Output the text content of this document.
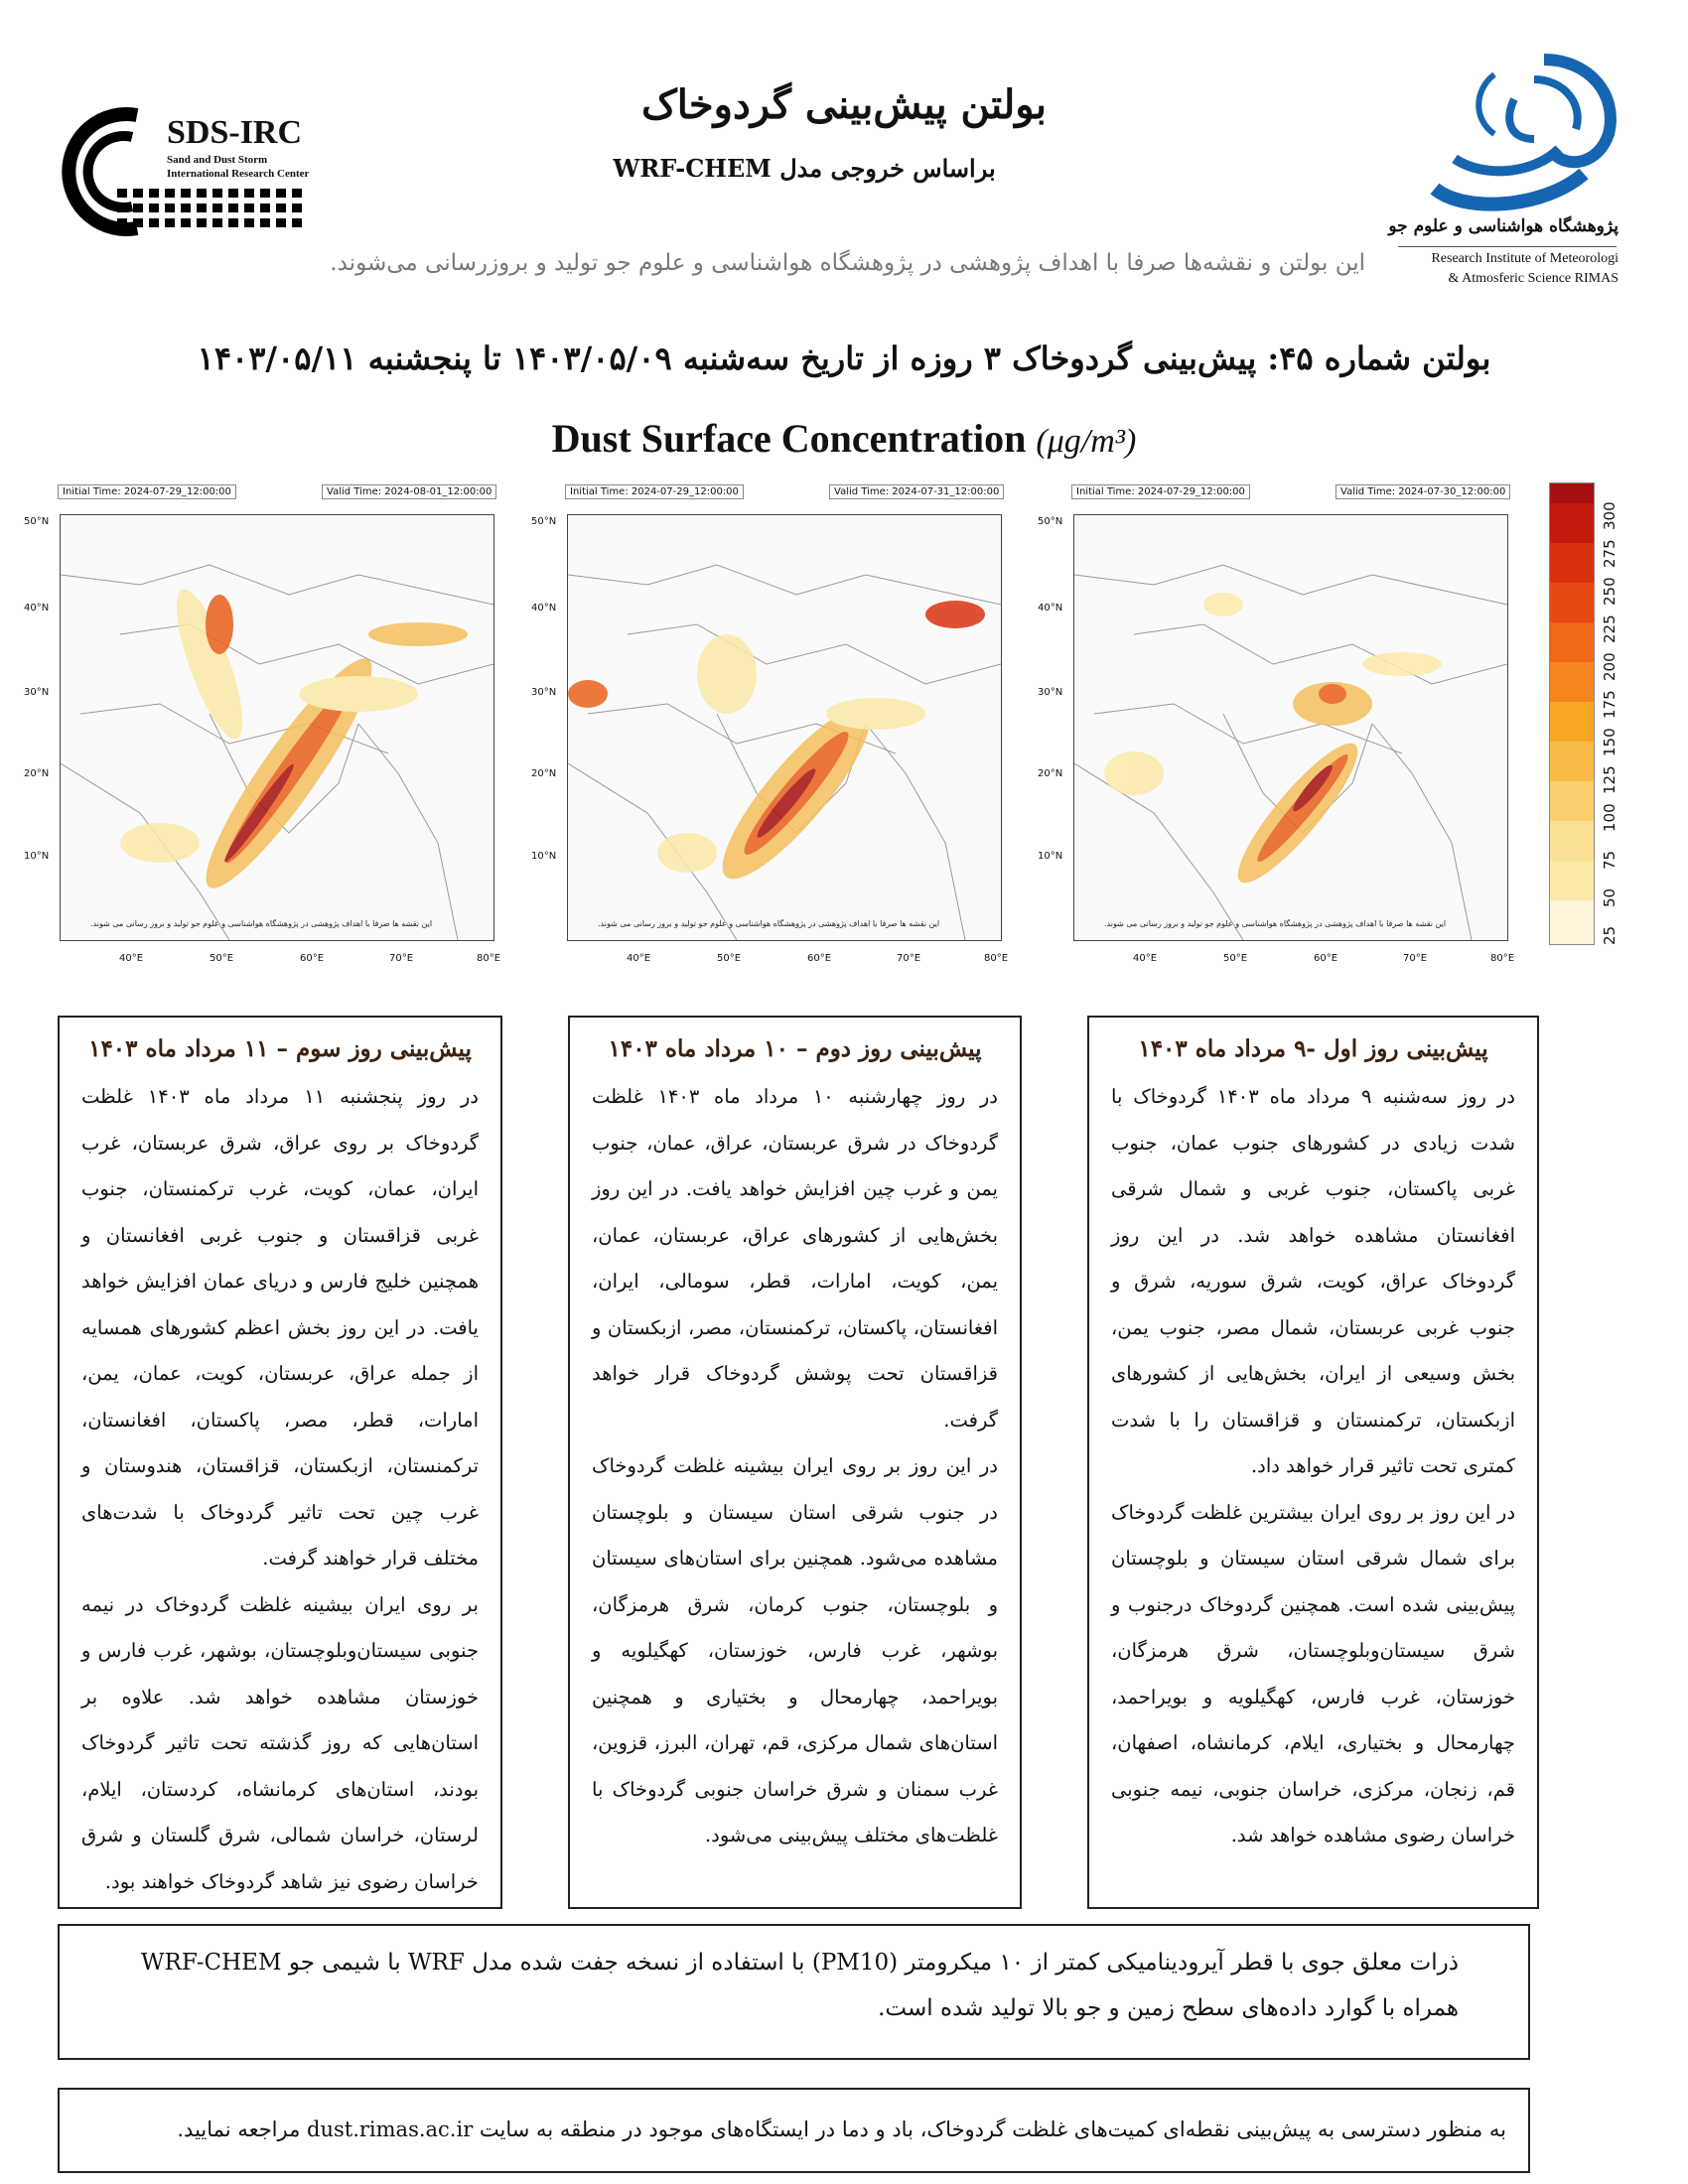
SDS-IRC
Sand and Dust Storm
International Research Center
بولتن پیش‌بینی گردوخاک
براساس خروجی مدل WRF-CHEM
پژوهشگاه هواشناسی و علوم جو
Research Institute of Meteorologi
& Atmosferic Science RIMAS
این بولتن و نقشه‌ها صرفا با اهداف پژوهشی در پژوهشگاه هواشناسی و علوم جو تولید و بروزرسانی می‌شوند.
بولتن شماره ۴۵: پیش‌بینی گردوخاک ۳ روزه از تاریخ سه‌شنبه ۱۴۰۳/۰۵/۰۹ تا پنجشنبه ۱۴۰۳/۰۵/۱۱
Dust Surface Concentration (μg/m³)
Initial Time: 2024-07-29_12:00:00	Valid Time: 2024-08-01_12:00:00
50°N
40°N
30°N
20°N
10°N
این نقشه ها صرفا با اهداف پژوهشی در پژوهشگاه هواشناسی و علوم جو تولید و بروز رسانی می شوند.
40°E	50°E	60°E	70°E	80°E
Initial Time: 2024-07-29_12:00:00	Valid Time: 2024-07-31_12:00:00
50°N
40°N
30°N
20°N
10°N
این نقشه ها صرفا با اهداف پژوهشی در پژوهشگاه هواشناسی و علوم جو تولید و بروز رسانی می شوند.
40°E	50°E	60°E	70°E	80°E
Initial Time: 2024-07-29_12:00:00	Valid Time: 2024-07-30_12:00:00
50°N
40°N
30°N
20°N
10°N
این نقشه ها صرفا با اهداف پژوهشی در پژوهشگاه هواشناسی و علوم جو تولید و بروز رسانی می شوند.
40°E	50°E	60°E	70°E	80°E
25
50
75
100
125
150
175
200
225
250
275
300
پیش‌بینی روز اول -۹ مرداد ماه ۱۴۰۳

در روز سه‌شنبه ۹ مرداد ماه ۱۴۰۳ گردوخاک با شدت زیادی در کشورهای جنوب عمان، جنوب غربی پاکستان، جنوب غربی و شمال شرقی افغانستان مشاهده خواهد شد. در این روز گردوخاک عراق، کویت، شرق سوریه، شرق و جنوب غربی عربستان، شمال مصر، جنوب یمن، بخش وسیعی از ایران، بخش‌هایی از کشورهای ازبکستان، ترکمنستان و قزاقستان را با شدت کمتری تحت تاثیر قرار خواهد داد.

در این روز بر روی ایران بیشترین غلظت گردوخاک برای شمال شرقی استان سیستان و بلوچستان پیش‌بینی شده است. همچنین گردوخاک درجنوب و شرق سیستان‌وبلوچستان، شرق هرمزگان، خوزستان، غرب فارس، کهگیلویه و بویراحمد، چهارمحال و بختیاری، ایلام، کرمانشاه، اصفهان، قم، زنجان، مرکزی، خراسان جنوبی، نیمه جنوبی خراسان رضوی مشاهده خواهد شد.

پیش‌بینی روز دوم – ۱۰ مرداد ماه ۱۴۰۳

در روز چهارشنبه ۱۰ مرداد ماه ۱۴۰۳ غلظت گردوخاک در شرق عربستان، عراق، عمان، جنوب یمن و غرب چین افزایش خواهد یافت. در این روز بخش‌هایی از کشورهای عراق، عربستان، عمان، یمن، کویت، امارات، قطر، سومالی، ایران، افغانستان، پاکستان، ترکمنستان، مصر، ازبکستان و قزاقستان تحت پوشش گردوخاک قرار خواهد گرفت.

در این روز بر روی ایران بیشینه غلظت گردوخاک در جنوب شرقی استان سیستان و بلوچستان مشاهده می‌شود. همچنین برای استان‌های سیستان و بلوچستان، جنوب کرمان، شرق هرمزگان، بوشهر، غرب فارس، خوزستان، کهگیلویه و بویراحمد، چهارمحال و بختیاری و همچنین استان‌های شمال مرکزی، قم، تهران، البرز، قزوین، غرب سمنان و شرق خراسان جنوبی گردوخاک با غلظت‌های مختلف پیش‌بینی می‌شود.

پیش‌بینی روز سوم – ۱۱ مرداد ماه ۱۴۰۳

در روز پنجشنبه ۱۱ مرداد ماه ۱۴۰۳ غلظت گردوخاک بر روی عراق، شرق عربستان، غرب ایران، عمان، کویت، غرب ترکمنستان، جنوب غربی قزاقستان و جنوب غربی افغانستان و همچنین خلیج فارس و دریای عمان افزایش خواهد یافت. در این روز بخش اعظم کشورهای همسایه از جمله عراق، عربستان، کویت، عمان، یمن، امارات، قطر، مصر، پاکستان، افغانستان، ترکمنستان، ازبکستان، قزاقستان، هندوستان و غرب چین تحت تاثیر گردوخاک با شدت‌های مختلف قرار خواهند گرفت.

بر روی ایران بیشینه غلظت گردوخاک در نیمه جنوبی سیستان‌وبلوچستان، بوشهر، غرب فارس و خوزستان مشاهده خواهد شد. علاوه بر استان‌هایی که روز گذشته تحت تاثیر گردوخاک بودند، استان‌های کرمانشاه، کردستان، ایلام، لرستان، خراسان شمالی، شرق گلستان و شرق خراسان رضوی نیز شاهد گردوخاک خواهند بود.

ذرات معلق جوی با قطر آیرودینامیکی کمتر از ۱۰ میکرومتر (PM10) با استفاده از نسخه جفت شده مدل WRF با شیمی جو WRF-CHEM همراه با گوارد داده‌های سطح زمین و جو بالا تولید شده است.
به منظور دسترسی به پیش‌بینی نقطه‌ای کمیت‌های غلظت گردوخاک، باد و دما در ایستگاه‌های موجود در منطقه به سایت dust.rimas.ac.ir مراجعه نمایید.
